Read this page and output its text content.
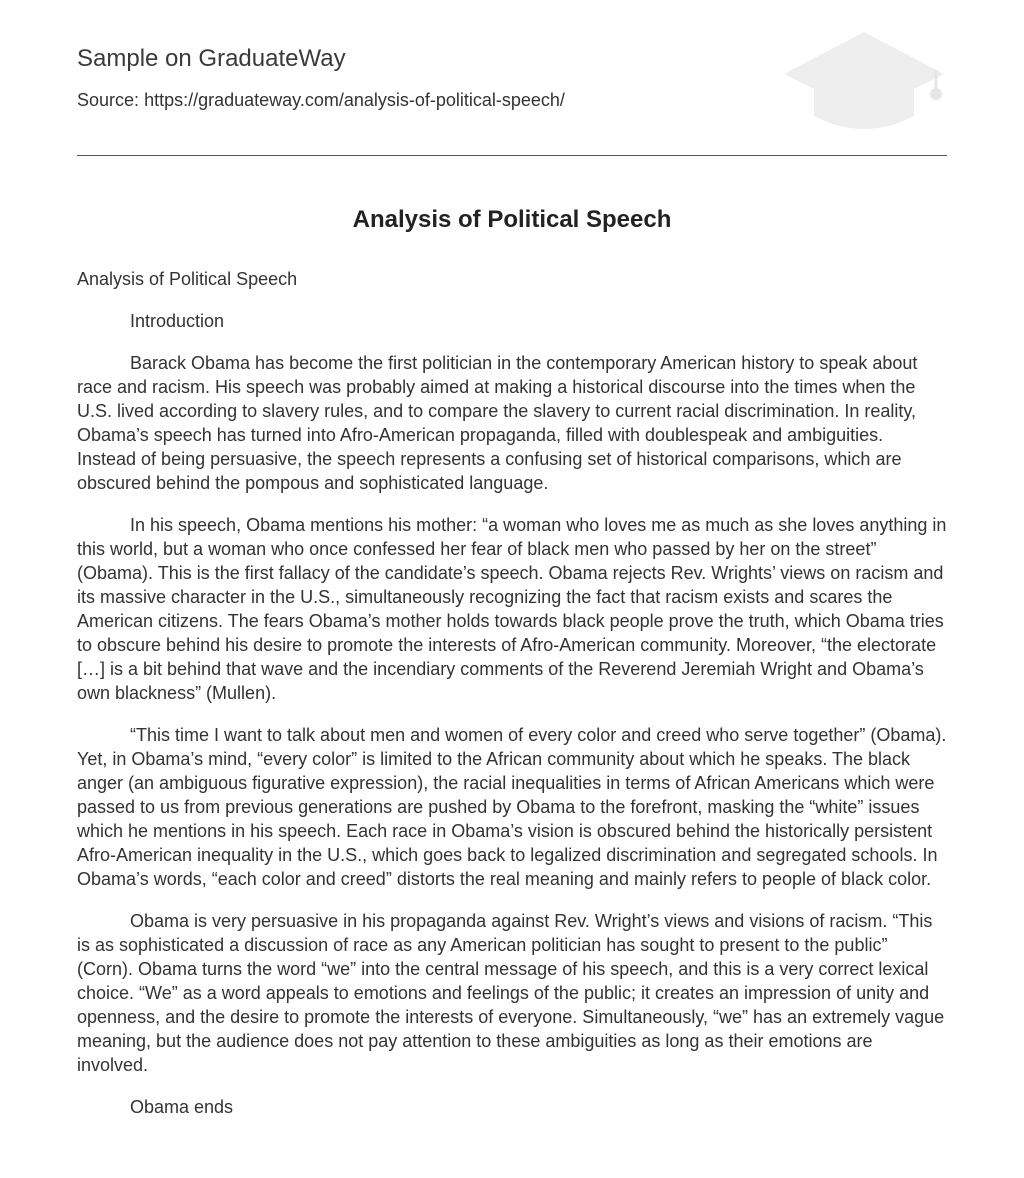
Sample on GraduateWay
Source: https://graduateway.com/analysis-of-political-speech/
Analysis of Political Speech

Analysis of Political Speech

Introduction

Barack Obama has become the first politician in the contemporary American history to speak about race and racism. His speech was probably aimed at making a historical discourse into the times when the U.S. lived according to slavery rules, and to compare the slavery to current racial discrimination. In reality, Obama’s speech has turned into Afro-American propaganda, filled with doublespeak and ambiguities. Instead of being persuasive, the speech represents a confusing set of historical comparisons, which are obscured behind the pompous and sophisticated language.

In his speech, Obama mentions his mother: “a woman who loves me as much as she loves anything in this world, but a woman who once confessed her fear of black men who passed by her on the street” (Obama). This is the first fallacy of the candidate’s speech. Obama rejects Rev. Wrights’ views on racism and its massive character in the U.S., simultaneously recognizing the fact that racism exists and scares the American citizens. The fears Obama’s mother holds towards black people prove the truth, which Obama tries to obscure behind his desire to promote the interests of Afro-American community. Moreover, “the electorate […] is a bit behind that wave and the incendiary comments of the Reverend Jeremiah Wright and Obama’s own blackness” (Mullen).

“This time I want to talk about men and women of every color and creed who serve together” (Obama). Yet, in Obama’s mind, “every color” is limited to the African community about which he speaks. The black anger (an ambiguous figurative expression), the racial inequalities in terms of African Americans which were passed to us from previous generations are pushed by Obama to the forefront, masking the “white” issues which he mentions in his speech. Each race in Obama’s vision is obscured behind the historically persistent Afro-American inequality in the U.S., which goes back to legalized discrimination and segregated schools. In Obama’s words, “each color and creed” distorts the real meaning and mainly refers to people of black color.

Obama is very persuasive in his propaganda against Rev. Wright’s views and visions of racism. “This is as sophisticated a discussion of race as any American politician has sought to present to the public” (Corn). Obama turns the word “we” into the central message of his speech, and this is a very correct lexical choice. “We” as a word appeals to emotions and feelings of the public; it creates an impression of unity and openness, and the desire to promote the interests of everyone. Simultaneously, “we” has an extremely vague meaning, but the audience does not pay attention to these ambiguities as long as their emotions are involved.

Obama ends
